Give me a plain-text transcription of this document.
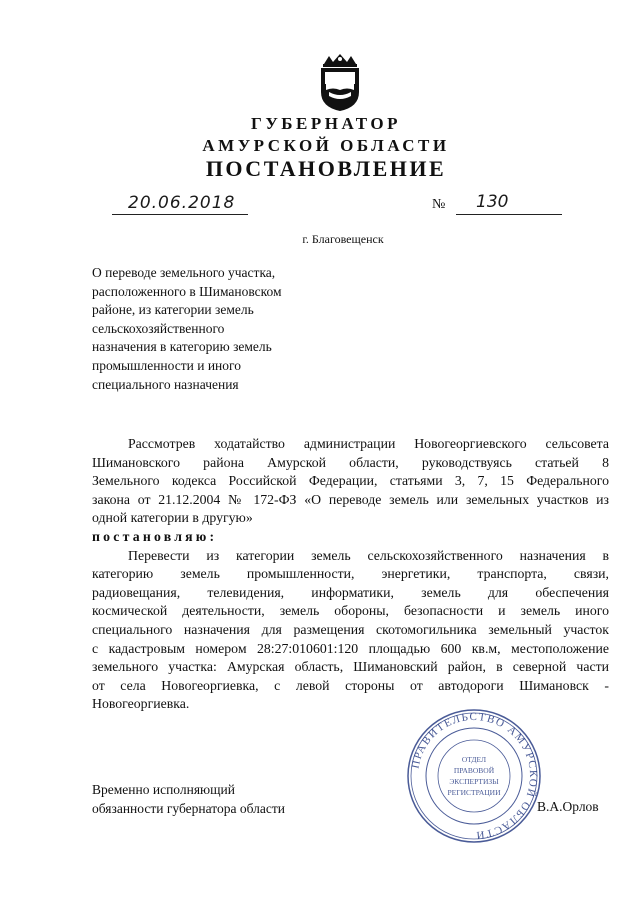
ГУБЕРНАТОР
АМУРСКОЙ ОБЛАСТИ
ПОСТАНОВЛЕНИЕ
20.06.2018	№ 130
г. Благовещенск
О переводе земельного участка,
расположенного в Шимановском
районе, из категории земель
сельскохозяйственного
назначения в категорию земель
промышленности и иного
специального назначения
Рассмотрев ходатайство администрации Новогеоргиевского сельсовета
Шимановского района Амурской области, руководствуясь статьей 8
Земельного кодекса Российской Федерации, статьями 3, 7, 15 Федерального
закона от 21.12.2004 № 172-ФЗ «О переводе земель или земельных участков из
одной категории в другую»
постановляю:
Перевести из категории земель сельскохозяйственного назначения в
категорию земель промышленности, энергетики, транспорта, связи,
радиовещания, телевидения, информатики, земель для обеспечения
космической деятельности, земель обороны, безопасности и земель иного
специального назначения для размещения скотомогильника земельный участок
с кадастровым номером 28:27:010601:120 площадью 600 кв.м, местоположение
земельного участка: Амурская область, Шимановский район, в северной части
от села Новогеоргиевка, с левой стороны от автодороги Шимановск -
Новогеоргиевка.
ПРАВИТЕЛЬСТВО АМУРСКОЙ ОБЛАСТИ
ОТДЕЛ
ПРАВОВОЙ
ЭКСПЕРТИЗЫ
РЕГИСТРАЦИИ
Временно исполняющий
обязанности губернатора области	В.А.Орлов
